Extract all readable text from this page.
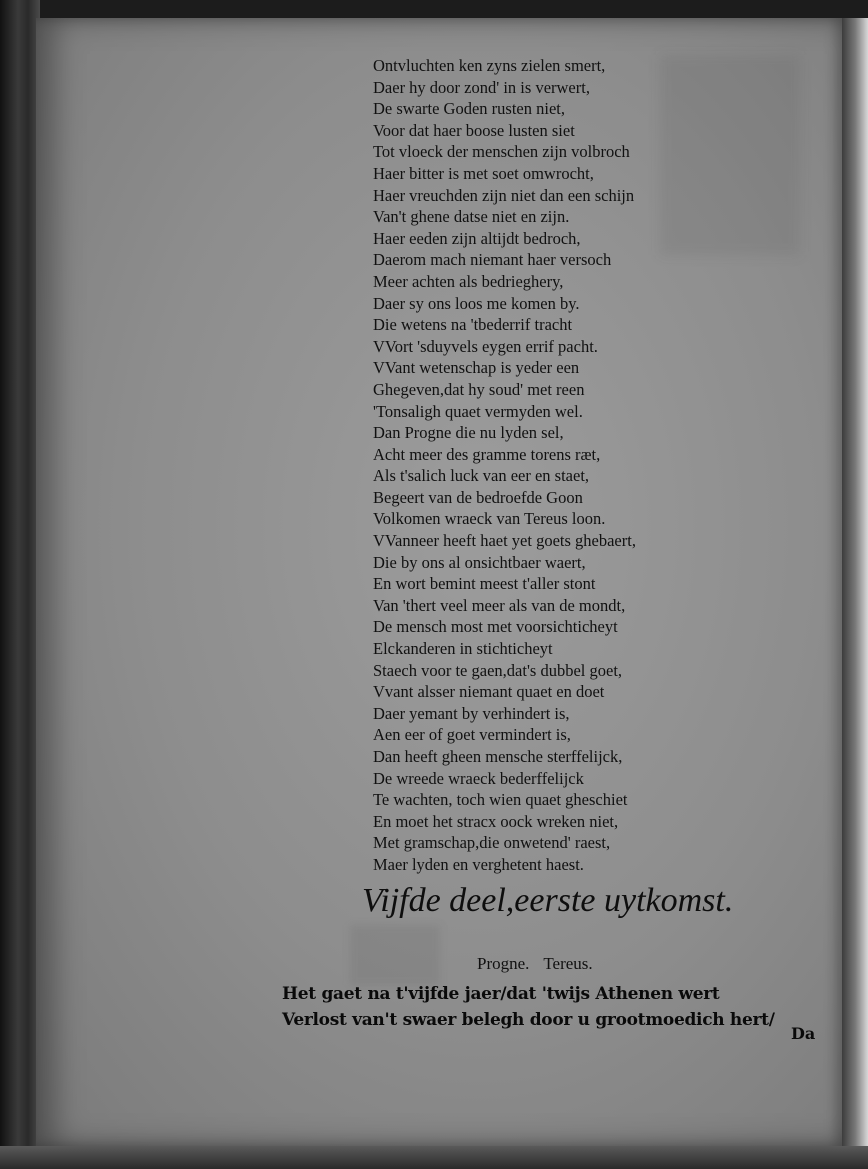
Ontvluchten ken zyns zielen smert,
Daer hy door zond' in is verwert,
De swarte Goden rusten niet,
Voor dat haer boose lusten siet
Tot vloeck der menschen zijn volbroch
Haer bitter is met soet omwrocht,
Haer vreuchden zijn niet dan een schijn
Van't ghene datse niet en zijn.
Haer eeden zijn altijdt bedroch,
Daerom mach niemant haer versoch
Meer achten als bedrieghery,
Daer sy ons loos me komen by.
Die wetens na 'tbederrif tracht
VVort 'sduyvels eygen errif pacht.
VVant wetenschap is yeder een
Ghegeven,dat hy soud' met reen
'Tonsaligh quaet vermyden wel.
Dan Progne die nu lyden sel,
Acht meer des gramme torens ræt,
Als t'salich luck van eer en staet,
Begeert van de bedroefde Goon
Volkomen wraeck van Tereus loon.
VVanneer heeft haet yet goets ghebaert,
Die by ons al onsichtbaer waert,
En wort bemint meest t'aller stont
Van 'thert veel meer als van de mondt,
De mensch most met voorsichticheyt
Elckanderen in stichticheyt
Staech voor te gaen,dat's dubbel goet,
Vvant alsser niemant quaet en doet
Daer yemant by verhindert is,
Aen eer of goet vermindert is,
Dan heeft gheen mensche sterffelijck,
De wreede wraeck bederffelijck
Te wachten, toch wien quaet gheschiet
En moet het stracx oock wreken niet,
Met gramschap,die onwetend' raest,
Maer lyden en verghetent haest.
Vijfde deel,eerste uytkomst.
Progne. Tereus.
Het gaet na t'vijfde jaer/dat 'twijs Athenen wert
Verlost van't swaer belegh door u grootmoedich hert/
Da
